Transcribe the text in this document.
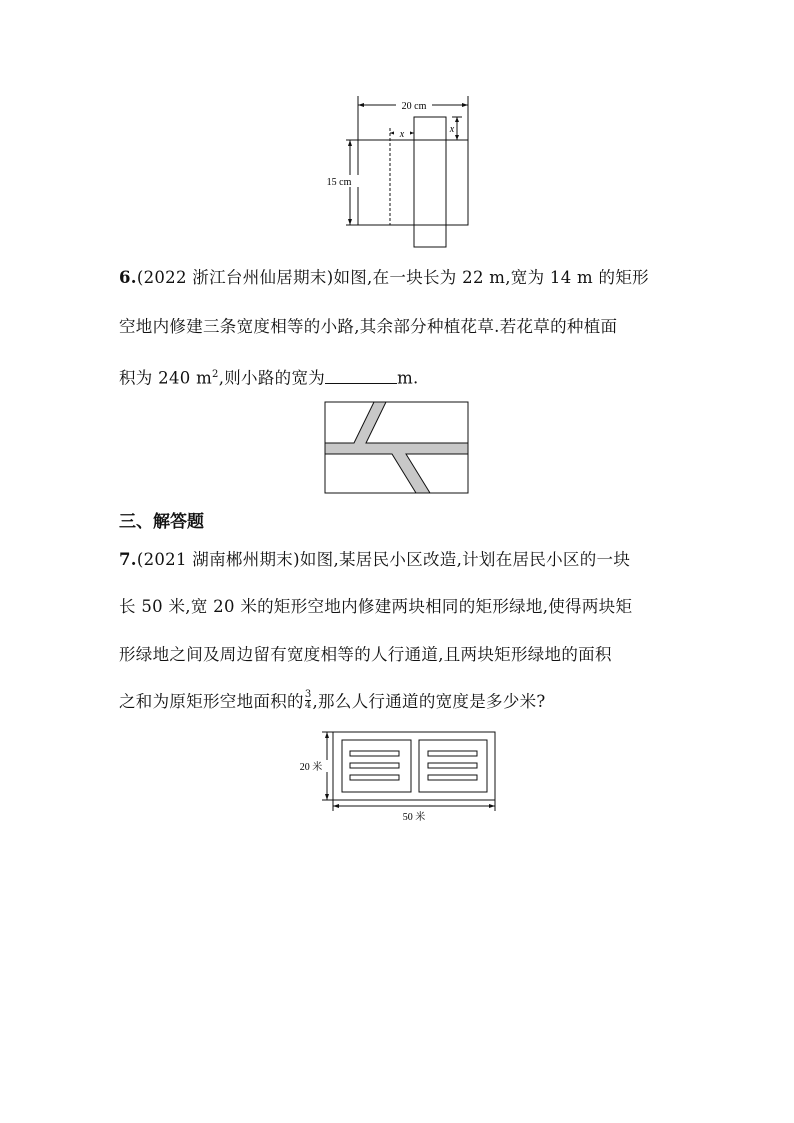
20 cm
x	x
15 cm
6.(2022 浙江台州仙居期末)如图,在一块长为 22 m,宽为 14 m 的矩形
空地内修建三条宽度相等的小路,其余部分种植花草.若花草的种植面
积为 240 $m^2$,则小路的宽为	m.
三、解答题
7.(2021 湖南郴州期末)如图,某居民小区改造,计划在居民小区的一块
长 50 米,宽 20 米的矩形空地内修建两块相同的矩形绿地,使得两块矩
形绿地之间及周边留有宽度相等的人行通道,且两块矩形绿地的面积
之和为原矩形空地面积的 $\frac{3}{4}$ ,那么人行通道的宽度是多少米?
20 米
50 米
